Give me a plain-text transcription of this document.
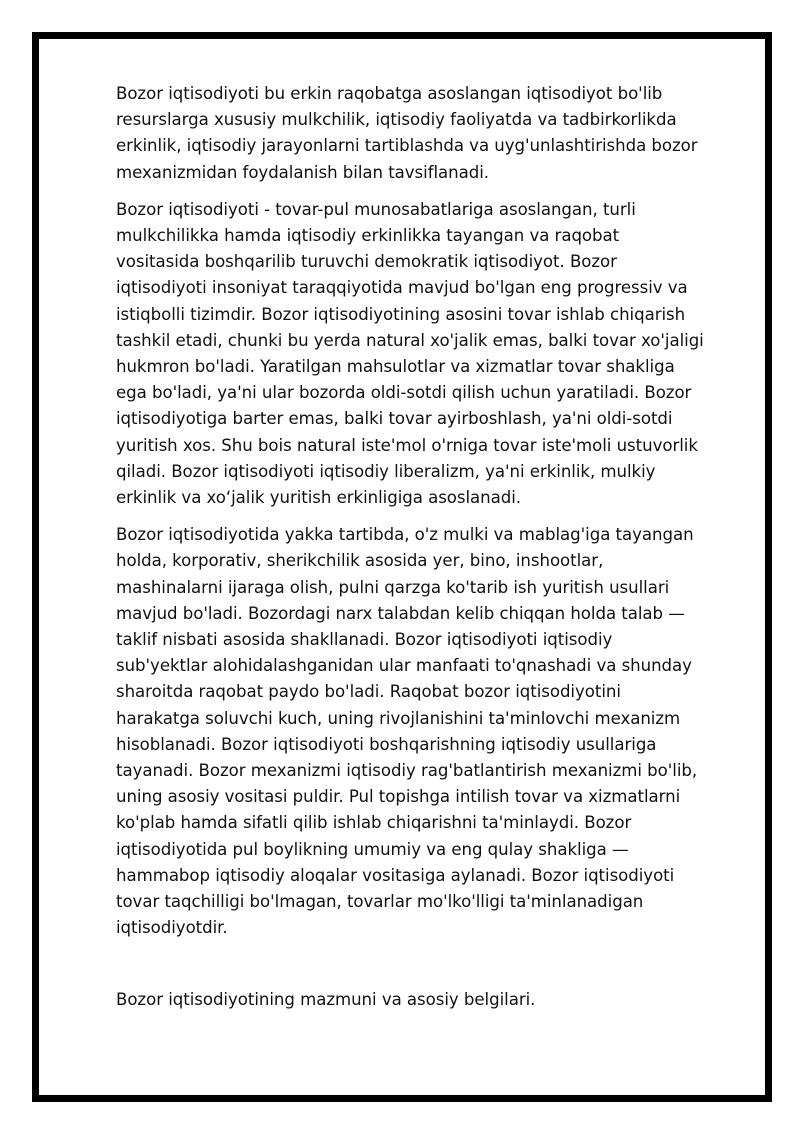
Bozor iqtisodiyoti bu erkin raqobatga asoslangan iqtisodiyot bo'lib resurslarga xususiy mulkchilik, iqtisodiy faoliyatda va tadbirkorlikda erkinlik, iqtisodiy jarayonlarni tartiblashda va uyg'unlashtirishda bozor mexanizmidan foydalanish bilan tavsiflanadi.

Bozor iqtisodiyoti - tovar-pul munosabatlariga asoslangan, turli mulkchilikka hamda iqtisodiy erkinlikka tayangan va raqobat vositasida boshqarilib turuvchi demokratik iqtisodiyot. Bozor iqtisodiyoti insoniyat taraqqiyotida mavjud bo'lgan eng progressiv va istiqbolli tizimdir. Bozor iqtisodiyotining asosini tovar ishlab chiqarish tashkil etadi, chunki bu yerda natural xo'jalik emas, balki tovar xo'jaligi hukmron bo'ladi. Yaratilgan mahsulotlar va xizmatlar tovar shakliga ega bo'ladi, ya'ni ular bozorda oldi-sotdi qilish uchun yaratiladi. Bozor iqtisodiyotiga barter emas, balki tovar ayirboshlash, ya'ni oldi-sotdi yuritish xos. Shu bois natural iste'mol o'rniga tovar iste'moli ustuvorlik qiladi. Bozor iqtisodiyoti iqtisodiy liberalizm, ya'ni erkinlik, mulkiy erkinlik va xo‘jalik yuritish erkinligiga asoslanadi.

Bozor iqtisodiyotida yakka tartibda, o'z mulki va mablag'iga tayangan holda, korporativ, sherikchilik asosida yer, bino, inshootlar, mashinalarni ijaraga olish, pulni qarzga ko'tarib ish yuritish usullari mavjud bo'ladi. Bozordagi narx talabdan kelib chiqqan holda talab — taklif nisbati asosida shakllanadi. Bozor iqtisodiyoti iqtisodiy sub'yektlar alohidalashganidan ular manfaati to'qnashadi va shunday sharoitda raqobat paydo bo'ladi. Raqobat bozor iqtisodiyotini harakatga soluvchi kuch, uning rivojlanishini ta'minlovchi mexanizm hisoblanadi. Bozor iqtisodiyoti boshqarishning iqtisodiy usullariga tayanadi. Bozor mexanizmi iqtisodiy rag'batlantirish mexanizmi bo'lib, uning asosiy vositasi puldir. Pul topishga intilish tovar va xizmatlarni ko'plab hamda sifatli qilib ishlab chiqarishni ta'minlaydi. Bozor iqtisodiyotida pul boylikning umumiy va eng qulay shakliga — hammabop iqtisodiy aloqalar vositasiga aylanadi. Bozor iqtisodiyoti tovar taqchilligi bo'lmagan, tovarlar mo'lko'lligi ta'minlanadigan iqtisodiyotdir.

Bozor iqtisodiyotining mazmuni va asosiy belgilari.
